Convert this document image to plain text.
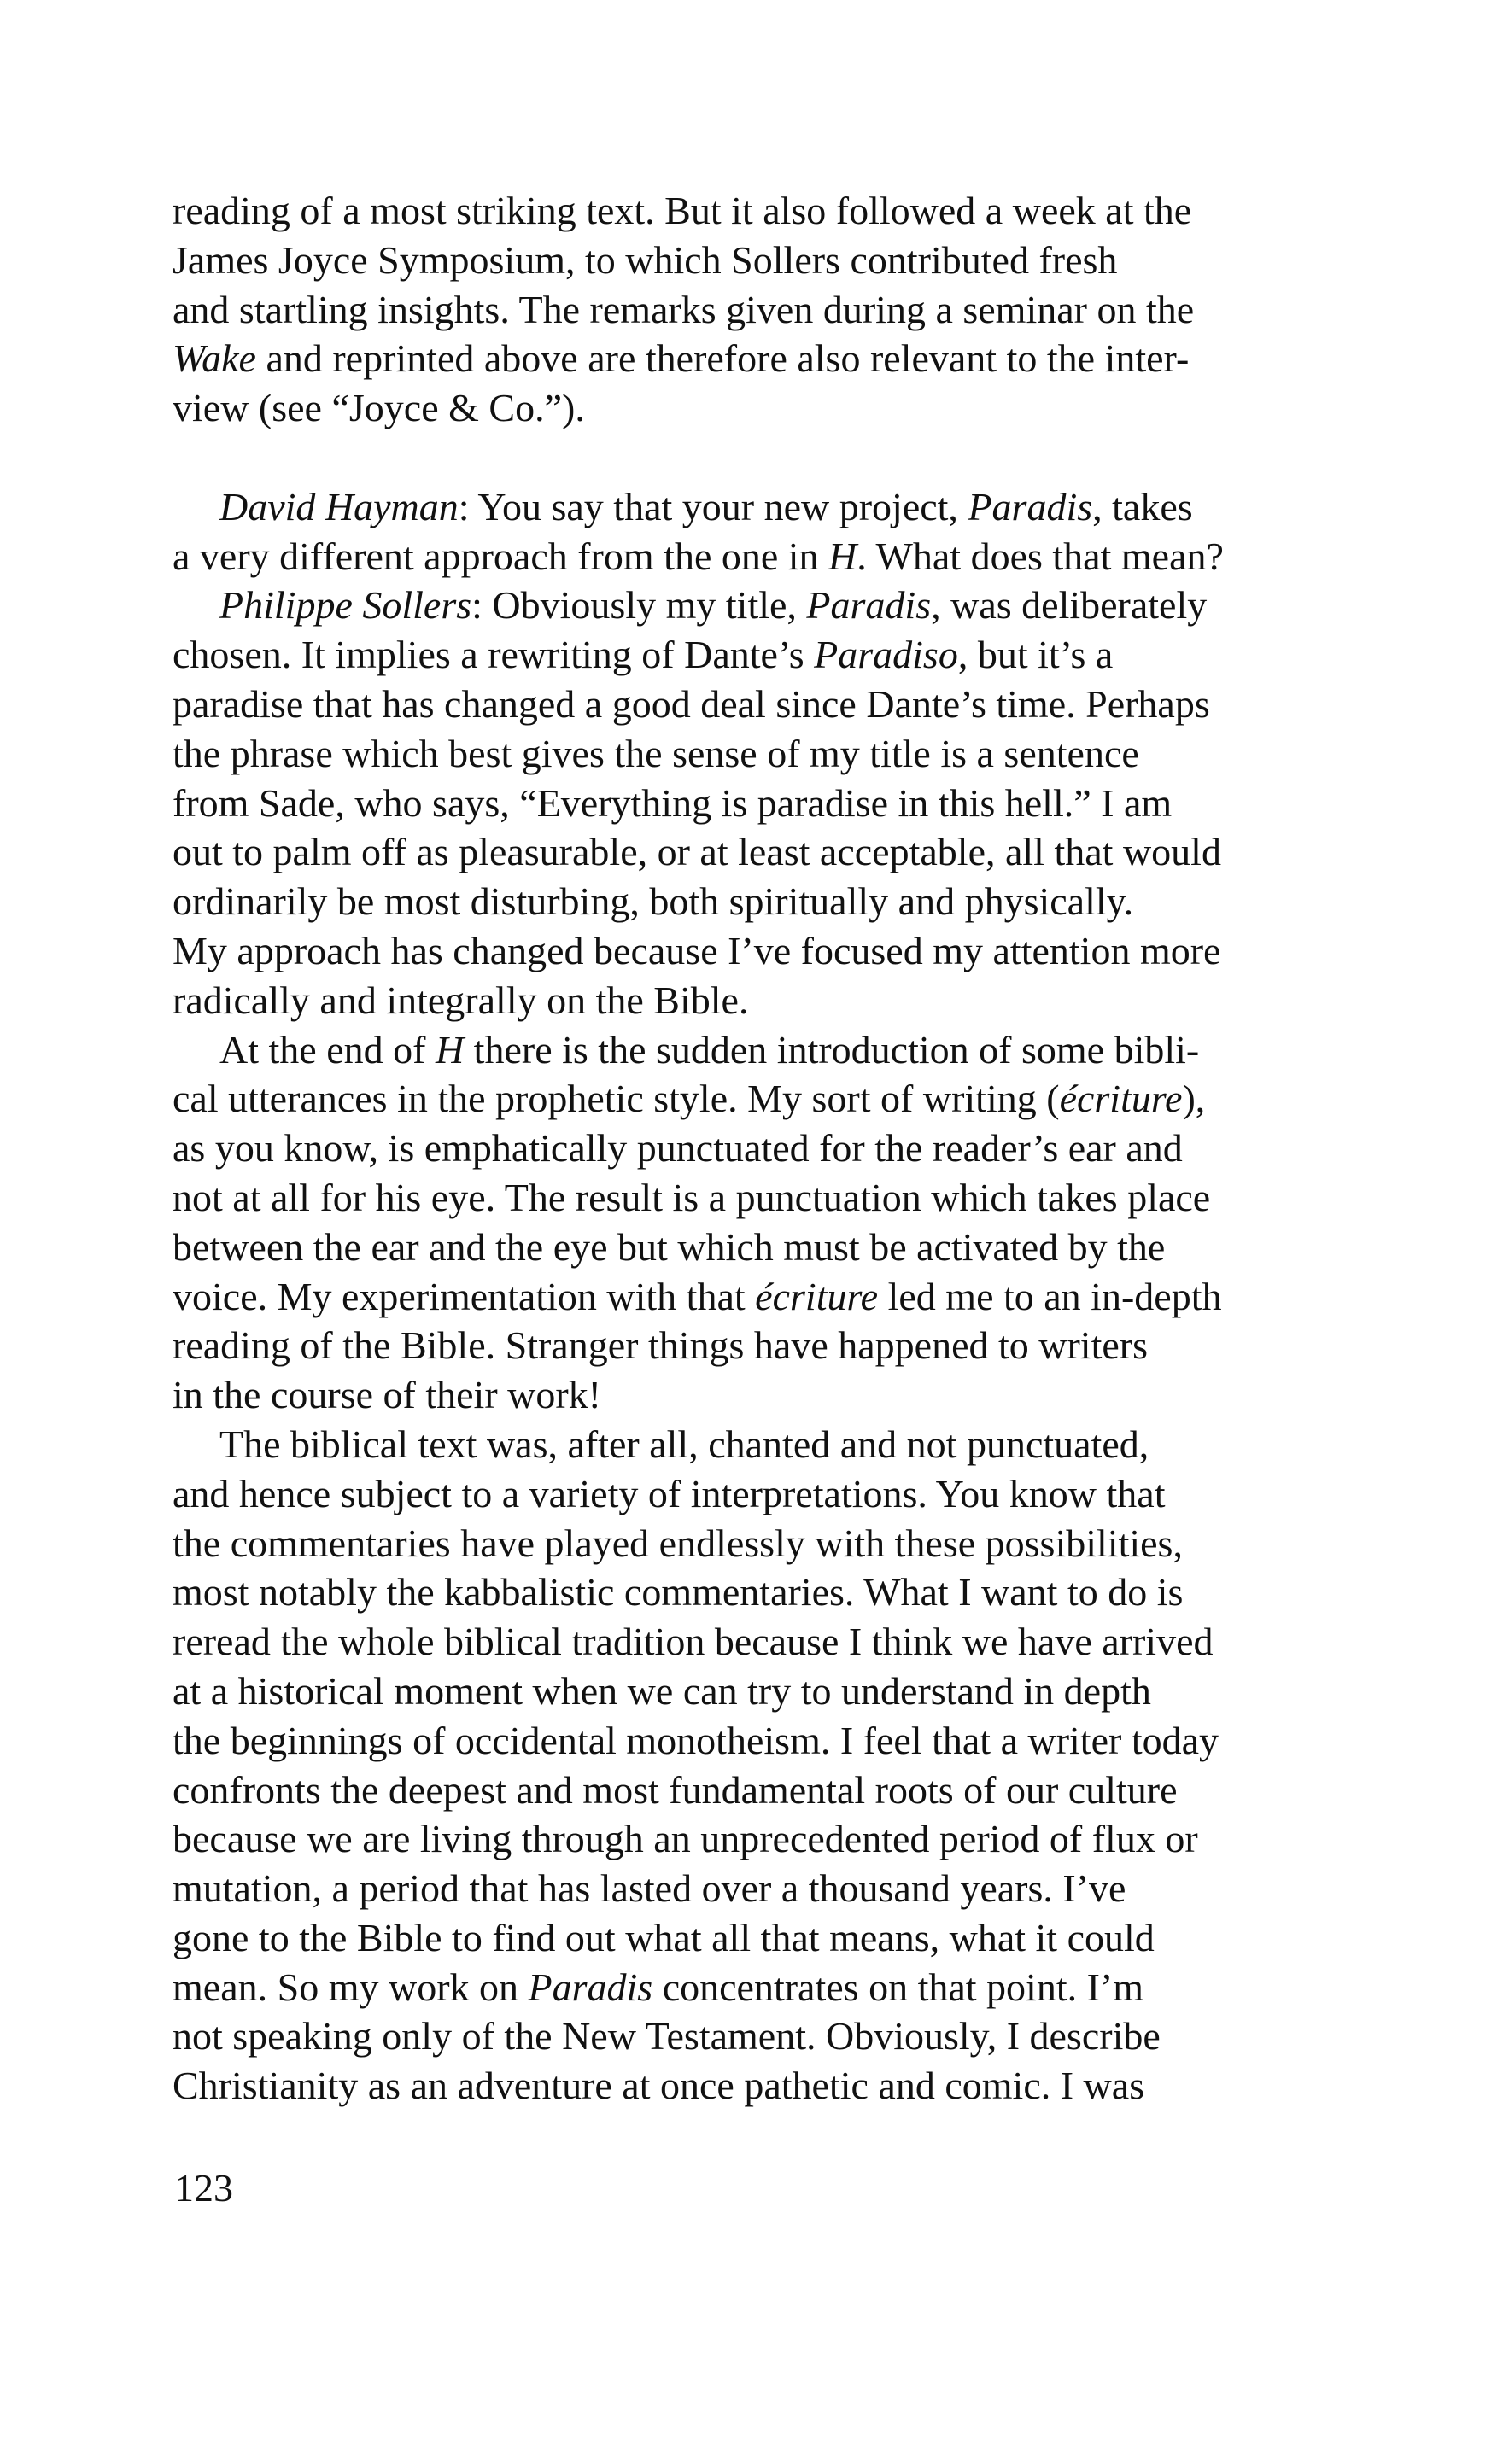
reading of a most striking text. But it also followed a week at the
James Joyce Symposium, to which Sollers contributed fresh
and startling insights. The remarks given during a seminar on the
Wake and reprinted above are therefore also relevant to the inter-
view (see “Joyce & Co.”).
David Hayman: You say that your new project, Paradis, takes
a very different approach from the one in H. What does that mean?
Philippe Sollers: Obviously my title, Paradis, was deliberately
chosen. It implies a rewriting of Dante’s Paradiso, but it’s a
paradise that has changed a good deal since Dante’s time. Perhaps
the phrase which best gives the sense of my title is a sentence
from Sade, who says, “Everything is paradise in this hell.” I am
out to palm off as pleasurable, or at least acceptable, all that would
ordinarily be most disturbing, both spiritually and physically.
My approach has changed because I’ve focused my attention more
radically and integrally on the Bible.
At the end of H there is the sudden introduction of some bibli-
cal utterances in the prophetic style. My sort of writing (écriture),
as you know, is emphatically punctuated for the reader’s ear and
not at all for his eye. The result is a punctuation which takes place
between the ear and the eye but which must be activated by the
voice. My experimentation with that écriture led me to an in-depth
reading of the Bible. Stranger things have happened to writers
in the course of their work!
The biblical text was, after all, chanted and not punctuated,
and hence subject to a variety of interpretations. You know that
the commentaries have played endlessly with these possibilities,
most notably the kabbalistic commentaries. What I want to do is
reread the whole biblical tradition because I think we have arrived
at a historical moment when we can try to understand in depth
the beginnings of occidental monotheism. I feel that a writer today
confronts the deepest and most fundamental roots of our culture
because we are living through an unprecedented period of flux or
mutation, a period that has lasted over a thousand years. I’ve
gone to the Bible to find out what all that means, what it could
mean. So my work on Paradis concentrates on that point. I’m
not speaking only of the New Testament. Obviously, I describe
Christianity as an adventure at once pathetic and comic. I was
123
